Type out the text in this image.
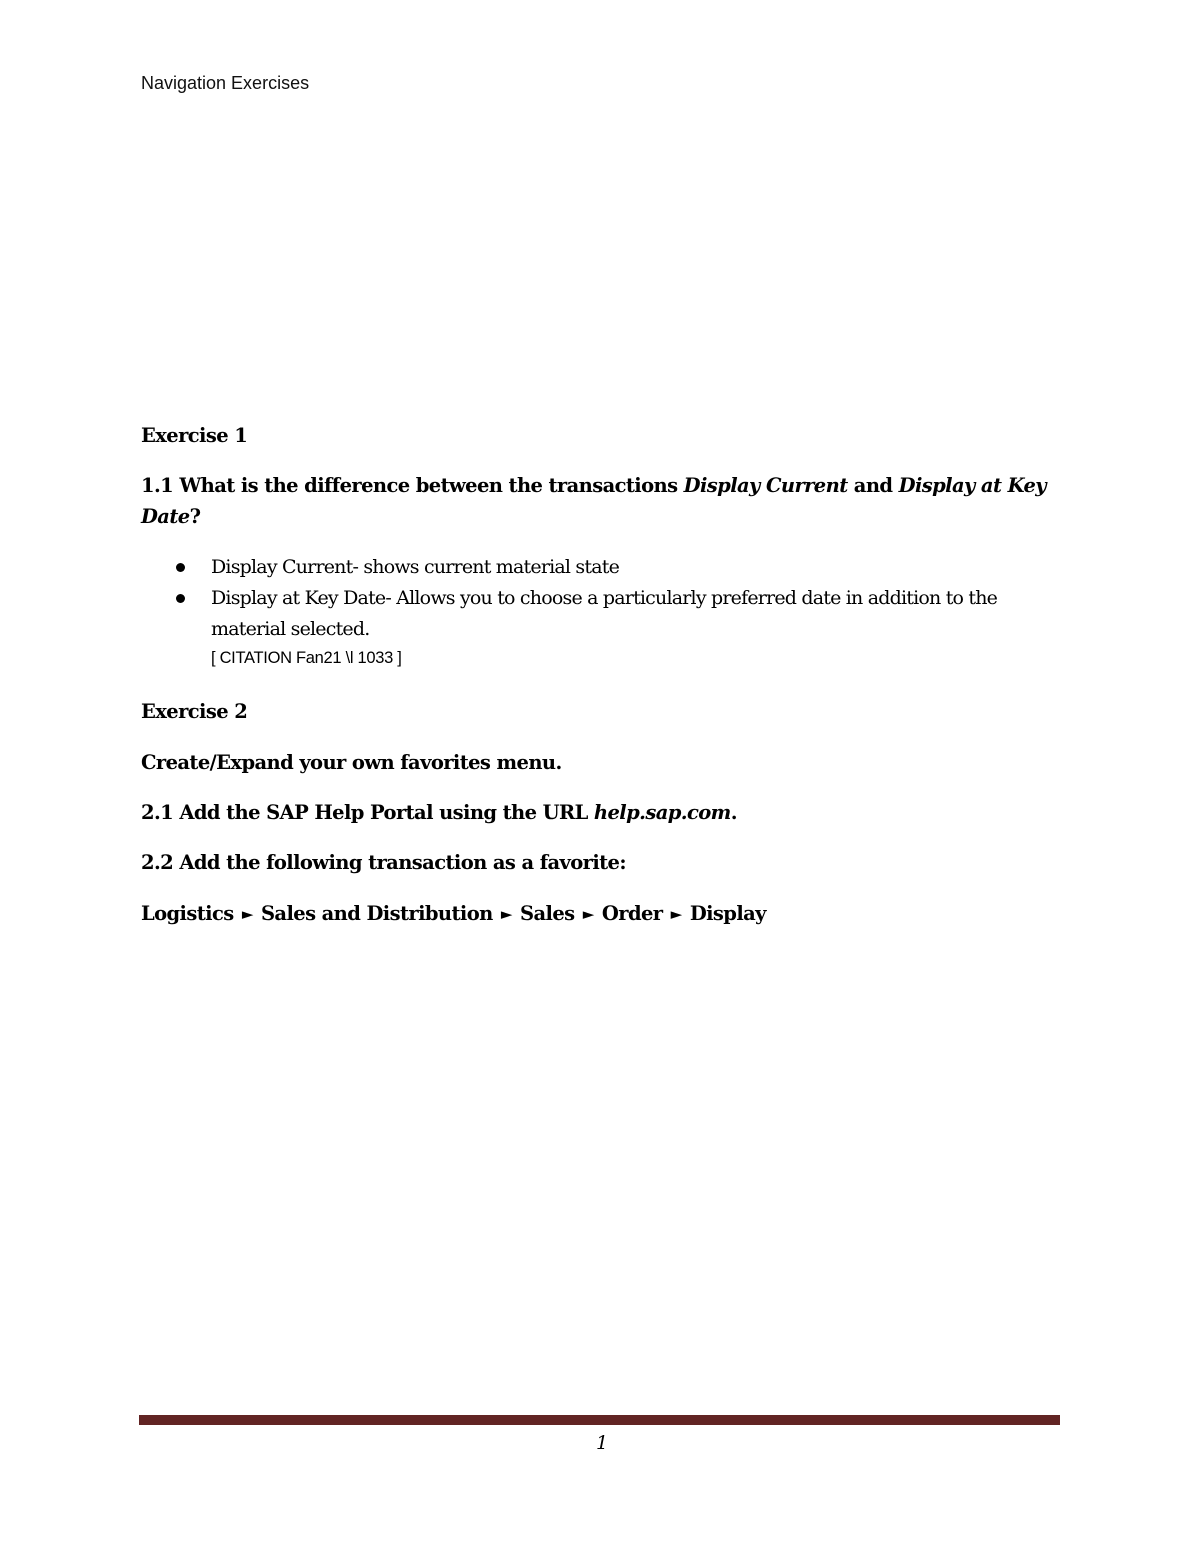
Navigation Exercises
Exercise 1
1.1 What is the difference between the transactions Display Current and Display at Key Date?
Display Current- shows current material state
Display at Key Date- Allows you to choose a particularly preferred date in addition to the material selected.
[ CITATION Fan21 \l 1033 ]
Exercise 2
Create/Expand your own favorites menu.
2.1 Add the SAP Help Portal using the URL help.sap.com.
2.2 Add the following transaction as a favorite:
Logistics ► Sales and Distribution ► Sales ► Order ► Display
1
